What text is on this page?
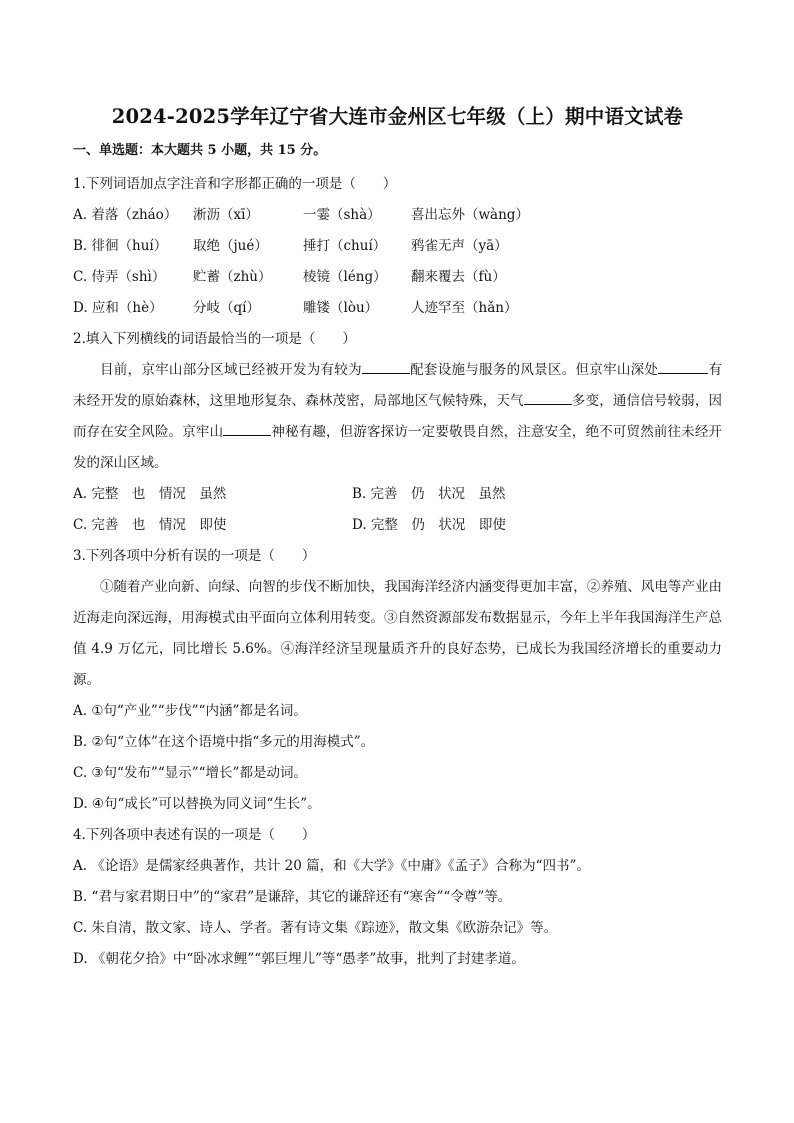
2024-2025学年辽宁省大连市金州区七年级（上）期中语文试卷

一、单选题：本大题共 5 小题，共 15 分。

1.下列词语加点字注音和字形都正确的一项是（　　）

A. 着落（zháo） 淅沥（xī）	一霎（shà） 喜出忘外（wàng）

B. 徘徊（huí） 取绝（jué）	捶打（chuí） 鸦雀无声（yā）

C. 侍弄（shì） 贮蓄（zhù） 棱镜（léng） 翻来覆去（fù）

D. 应和（hè） 分岐（qí）	雕镂（lòu） 人迹罕至（hǎn）

2.填入下列横线的词语最恰当的一项是（　　）

目前，京牢山部分区域已经被开发为有较为	配套设施与服务的风景区。但京牢山深处	有未经开发的原始森林，这里地形复杂、森林茂密，局部地区气候特殊，天气	多变，通信信号较弱，因而存在安全风险。京牢山	神秘有趣，但游客探访一定要敬畏自然，注意安全，绝不可贸然前往未经开发的深山区域。

A. 完整　也　情况　虽然	B. 完善　仍　状况　虽然
C. 完善　也　情况　即使	D. 完整　仍　状况　即使

3.下列各项中分析有误的一项是（　　）

①随着产业向新、向绿、向智的步伐不断加快，我国海洋经济内涵变得更加丰富，②养殖、风电等产业由近海走向深远海，用海模式由平面向立体利用转变。③自然资源部发布数据显示，今年上半年我国海洋生产总值 4.9 万亿元，同比增长 5.6%。④海洋经济呈现量质齐升的良好态势，已成长为我国经济增长的重要动力源。

A. ①句“产业”“步伐”“内涵”都是名词。

B. ②句“立体”在这个语境中指“多元的用海模式”。

C. ③句“发布”“显示”“增长”都是动词。

D. ④句“成长”可以替换为同义词“生长”。

4.下列各项中表述有误的一项是（　　）

A. 《论语》是儒家经典著作，共计 20 篇，和《大学》《中庸》《孟子》合称为“四书”。

B. “君与家君期日中”的“家君”是谦辞，其它的谦辞还有“寒舍”“令尊”等。

C. 朱自清，散文家、诗人、学者。著有诗文集《踪迹》，散文集《欧游杂记》等。

D. 《朝花夕拾》中“卧冰求鲤”“郭巨埋儿”等“愚孝”故事，批判了封建孝道。
